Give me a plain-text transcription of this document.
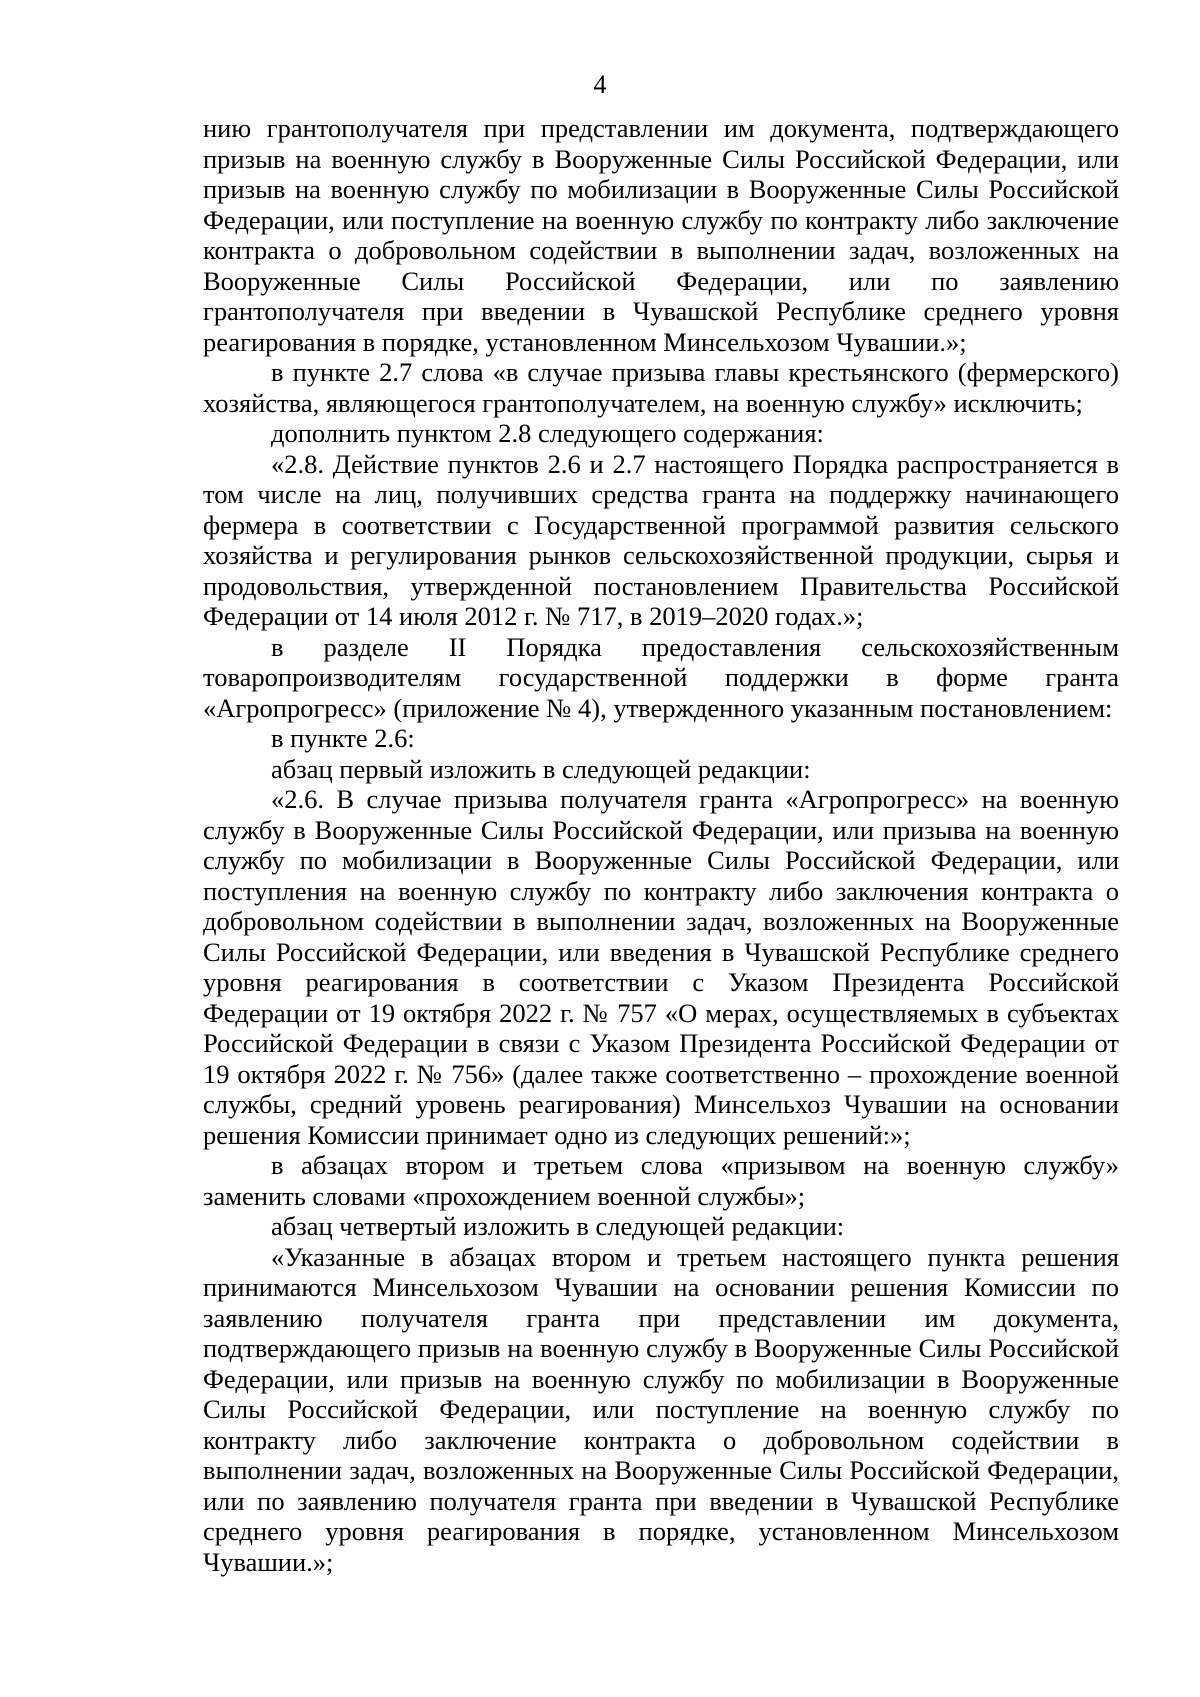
4

нию грантополучателя при представлении им документа, подтверждающего призыв на военную службу в Вооруженные Силы Российской Федерации, или призыв на военную службу по мобилизации в Вооруженные Силы Российской Федерации, или поступление на военную службу по контракту либо заключение контракта о добровольном содействии в выполнении задач, возложенных на Вооруженные Силы Российской Федерации, или по заявлению грантополучателя при введении в Чувашской Республике среднего уровня реагирования в порядке, установленном Минсельхозом Чувашии.»;

в пункте 2.7 слова «в случае призыва главы крестьянского (фермерского) хозяйства, являющегося грантополучателем, на военную службу» исключить;

дополнить пунктом 2.8 следующего содержания:

«2.8. Действие пунктов 2.6 и 2.7 настоящего Порядка распространяется в том числе на лиц, получивших средства гранта на поддержку начинающего фермера в соответствии с Государственной программой развития сельского хозяйства и регулирования рынков сельскохозяйственной продукции, сырья и продовольствия, утвержденной постановлением Правительства Российской Федерации от 14 июля 2012 г. № 717, в 2019–2020 годах.»;

в разделе II Порядка предоставления сельскохозяйственным товаропроизводителям государственной поддержки в форме гранта «Агропрогресс» (приложение № 4), утвержденного указанным постановлением:

в пункте 2.6:

абзац первый изложить в следующей редакции:

«2.6. В случае призыва получателя гранта «Агропрогресс» на военную службу в Вооруженные Силы Российской Федерации, или призыва на военную службу по мобилизации в Вооруженные Силы Российской Федерации, или поступления на военную службу по контракту либо заключения контракта о добровольном содействии в выполнении задач, возложенных на Вооруженные Силы Российской Федерации, или введения в Чувашской Республике среднего уровня реагирования в соответствии с Указом Президента Российской Федерации от 19 октября 2022 г. № 757 «О мерах, осуществляемых в субъектах Российской Федерации в связи с Указом Президента Российской Федерации от 19 октября 2022 г. № 756» (далее также соответственно – прохождение военной службы, средний уровень реагирования) Минсельхоз Чувашии на основании решения Комиссии принимает одно из следующих решений:»;

в абзацах втором и третьем слова «призывом на военную службу» заменить словами «прохождением военной службы»;

абзац четвертый изложить в следующей редакции:

«Указанные в абзацах втором и третьем настоящего пункта решения принимаются Минсельхозом Чувашии на основании решения Комиссии по заявлению получателя гранта при представлении им документа, подтверждающего призыв на военную службу в Вооруженные Силы Российской Федерации, или призыв на военную службу по мобилизации в Вооруженные Силы Российской Федерации, или поступление на военную службу по контракту либо заключение контракта о добровольном содействии в выполнении задач, возложенных на Вооруженные Силы Российской Федерации, или по заявлению получателя гранта при введении в Чувашской Республике среднего уровня реагирования в порядке, установленном Минсельхозом Чувашии.»;
